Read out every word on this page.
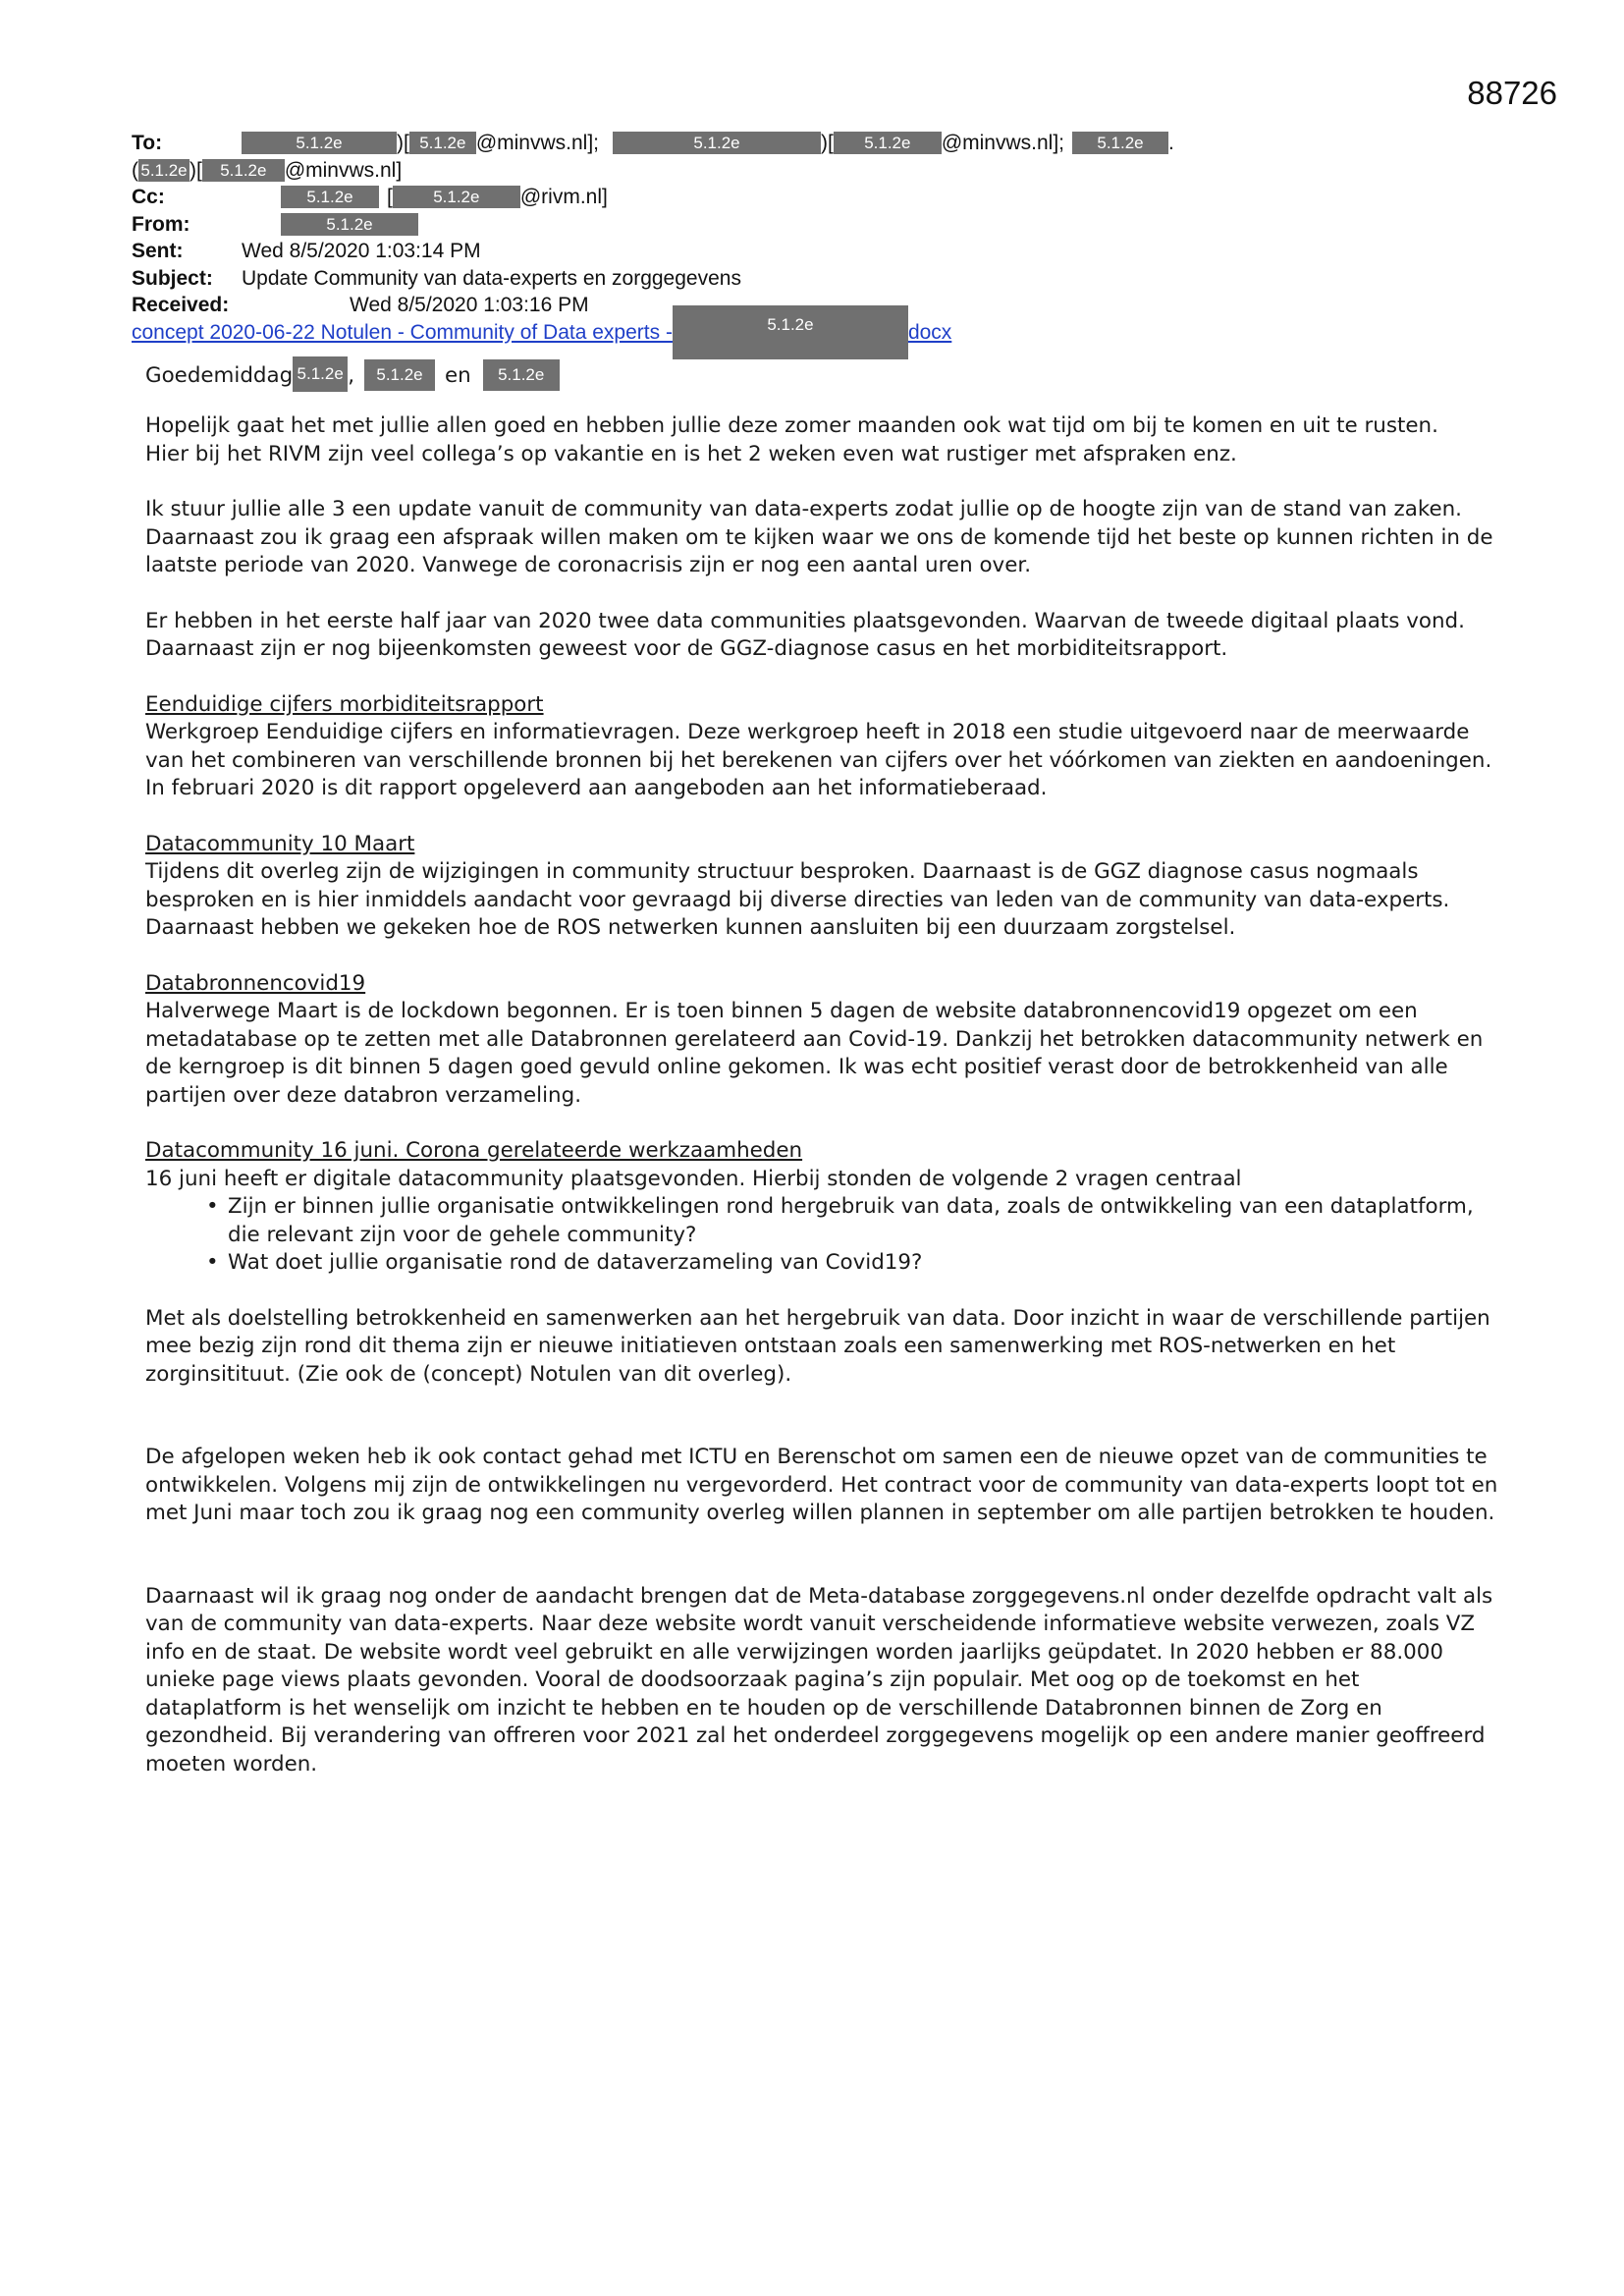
88726
To:	5.1.2e	)[ 5.1.2e @minvws.nl];	5.1.2e	)[ 5.1.2e @minvws.nl]; 5.1.2e .
( 5.1.2e )[ 5.1.2e @minvws.nl]
Cc:	5.1.2e [ 5.1.2e @rivm.nl]
From:	5.1.2e
Sent:	Wed 8/5/2020 1:03:14 PM
Subject: Update Community van data-experts en zorggegevens
Received:	Wed 8/5/2020 1:03:16 PM
concept 2020-06-22 Notulen - Community of Data experts -	5.1.2e	docx
Goedemiddag 5.1.2e , 5.1.2e en 5.1.2e

Hopelijk gaat het met jullie allen goed en hebben jullie deze zomer maanden ook wat tijd om bij te komen en uit te rusten.

Hier bij het RIVM zijn veel collega’s op vakantie en is het 2 weken even wat rustiger met afspraken enz.

Ik stuur jullie alle 3 een update vanuit de community van data-experts zodat jullie op de hoogte zijn van de stand van zaken. Daarnaast zou ik graag een afspraak willen maken om te kijken waar we ons de komende tijd het beste op kunnen richten in de laatste periode van 2020. Vanwege de coronacrisis zijn er nog een aantal uren over.

Er hebben in het eerste half jaar van 2020 twee data communities plaatsgevonden. Waarvan de tweede digitaal plaats vond. Daarnaast zijn er nog bijeenkomsten geweest voor de GGZ-diagnose casus en het morbiditeitsrapport.

Eenduidige cijfers morbiditeitsrapport

Werkgroep Eenduidige cijfers en informatievragen. Deze werkgroep heeft in 2018 een studie uitgevoerd naar de meerwaarde van het combineren van verschillende bronnen bij het berekenen van cijfers over het vóórkomen van ziekten en aandoeningen. In februari 2020 is dit rapport opgeleverd aan aangeboden aan het informatieberaad.

Datacommunity 10 Maart

Tijdens dit overleg zijn de wijzigingen in community structuur besproken. Daarnaast is de GGZ diagnose casus nogmaals besproken en is hier inmiddels aandacht voor gevraagd bij diverse directies van leden van de community van data-experts. Daarnaast hebben we gekeken hoe de ROS netwerken kunnen aansluiten bij een duurzaam zorgstelsel.

Databronnencovid19

Halverwege Maart is de lockdown begonnen. Er is toen binnen 5 dagen de website databronnencovid19 opgezet om een metadatabase op te zetten met alle Databronnen gerelateerd aan Covid-19. Dankzij het betrokken datacommunity netwerk en de kerngroep is dit binnen 5 dagen goed gevuld online gekomen. Ik was echt positief verast door de betrokkenheid van alle partijen over deze databron verzameling.

Datacommunity 16 juni. Corona gerelateerde werkzaamheden

16 juni heeft er digitale datacommunity plaatsgevonden. Hierbij stonden de volgende 2 vragen centraal

• Zijn er binnen jullie organisatie ontwikkelingen rond hergebruik van data, zoals de ontwikkeling van een dataplatform, die relevant zijn voor de gehele community?
• Wat doet jullie organisatie rond de dataverzameling van Covid19?

Met als doelstelling betrokkenheid en samenwerken aan het hergebruik van data. Door inzicht in waar de verschillende partijen mee bezig zijn rond dit thema zijn er nieuwe initiatieven ontstaan zoals een samenwerking met ROS-netwerken en het zorginsitituut. (Zie ook de (concept) Notulen van dit overleg).

De afgelopen weken heb ik ook contact gehad met ICTU en Berenschot om samen een de nieuwe opzet van de communities te ontwikkelen. Volgens mij zijn de ontwikkelingen nu vergevorderd. Het contract voor de community van data-experts loopt tot en met Juni maar toch zou ik graag nog een community overleg willen plannen in september om alle partijen betrokken te houden.

Daarnaast wil ik graag nog onder de aandacht brengen dat de Meta-database zorggegevens.nl onder dezelfde opdracht valt als van de community van data-experts. Naar deze website wordt vanuit verscheidende informatieve website verwezen, zoals VZ info en de staat. De website wordt veel gebruikt en alle verwijzingen worden jaarlijks geüpdatet. In 2020 hebben er 88.000 unieke page views plaats gevonden. Vooral de doodsoorzaak pagina’s zijn populair. Met oog op de toekomst en het dataplatform is het wenselijk om inzicht te hebben en te houden op de verschillende Databronnen binnen de Zorg en gezondheid. Bij verandering van offreren voor 2021 zal het onderdeel zorggegevens mogelijk op een andere manier geoffreerd moeten worden.
